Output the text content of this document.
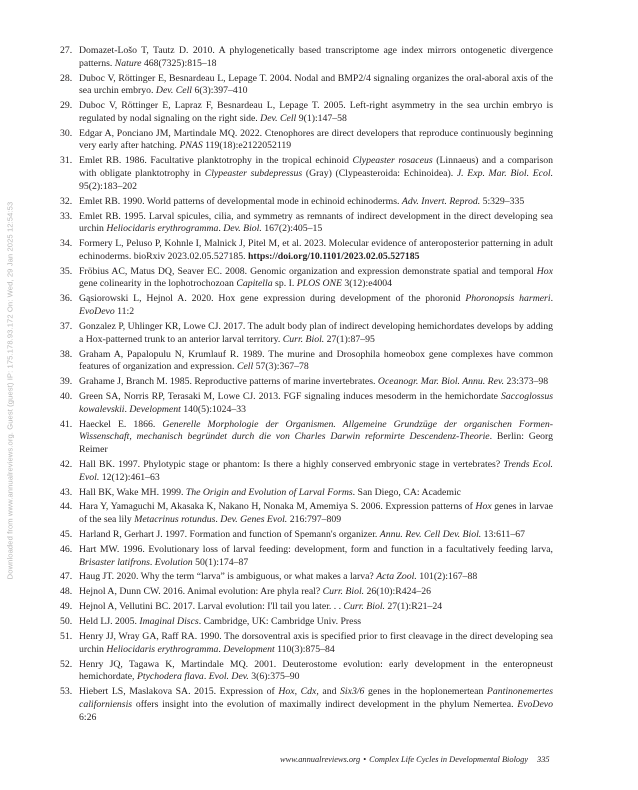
Downloaded from www.annualreviews.org. Guest (guest) IP: 175.178.93.172 On: Wed, 29 Jan 2025 12:54:53
27. Domazet-Lošo T, Tautz D. 2010. A phylogenetically based transcriptome age index mirrors ontogenetic divergence patterns. Nature 468(7325):815–18
28. Duboc V, Röttinger E, Besnardeau L, Lepage T. 2004. Nodal and BMP2/4 signaling organizes the oral-aboral axis of the sea urchin embryo. Dev. Cell 6(3):397–410
29. Duboc V, Röttinger E, Lapraz F, Besnardeau L, Lepage T. 2005. Left-right asymmetry in the sea urchin embryo is regulated by nodal signaling on the right side. Dev. Cell 9(1):147–58
30. Edgar A, Ponciano JM, Martindale MQ. 2022. Ctenophores are direct developers that reproduce continuously beginning very early after hatching. PNAS 119(18):e2122052119
31. Emlet RB. 1986. Facultative planktotrophy in the tropical echinoid Clypeaster rosaceus (Linnaeus) and a comparison with obligate planktotrophy in Clypeaster subdepressus (Gray) (Clypeasteroida: Echinoidea). J. Exp. Mar. Biol. Ecol. 95(2):183–202
32. Emlet RB. 1990. World patterns of developmental mode in echinoid echinoderms. Adv. Invert. Reprod. 5:329–335
33. Emlet RB. 1995. Larval spicules, cilia, and symmetry as remnants of indirect development in the direct developing sea urchin Heliocidaris erythrogramma. Dev. Biol. 167(2):405–15
34. Formery L, Peluso P, Kohnle I, Malnick J, Pitel M, et al. 2023. Molecular evidence of anteroposterior patterning in adult echinoderms. bioRxiv 2023.02.05.527185. https://doi.org/10.1101/2023.02.05.527185
35. Fröbius AC, Matus DQ, Seaver EC. 2008. Genomic organization and expression demonstrate spatial and temporal Hox gene colinearity in the lophotrochozoan Capitella sp. I. PLOS ONE 3(12):e4004
36. Gąsiorowski L, Hejnol A. 2020. Hox gene expression during development of the phoronid Phoronopsis harmeri. EvoDevo 11:2
37. Gonzalez P, Uhlinger KR, Lowe CJ. 2017. The adult body plan of indirect developing hemichordates develops by adding a Hox-patterned trunk to an anterior larval territory. Curr. Biol. 27(1):87–95
38. Graham A, Papalopulu N, Krumlauf R. 1989. The murine and Drosophila homeobox gene complexes have common features of organization and expression. Cell 57(3):367–78
39. Grahame J, Branch M. 1985. Reproductive patterns of marine invertebrates. Oceanogr. Mar. Biol. Annu. Rev. 23:373–98
40. Green SA, Norris RP, Terasaki M, Lowe CJ. 2013. FGF signaling induces mesoderm in the hemichordate Saccoglossus kowalevskii. Development 140(5):1024–33
41. Haeckel E. 1866. Generelle Morphologie der Organismen. Allgemeine Grundzüge der organischen Formen-Wissenschaft, mechanisch begründet durch die von Charles Darwin reformirte Descendenz-Theorie. Berlin: Georg Reimer
42. Hall BK. 1997. Phylotypic stage or phantom: Is there a highly conserved embryonic stage in vertebrates? Trends Ecol. Evol. 12(12):461–63
43. Hall BK, Wake MH. 1999. The Origin and Evolution of Larval Forms. San Diego, CA: Academic
44. Hara Y, Yamaguchi M, Akasaka K, Nakano H, Nonaka M, Amemiya S. 2006. Expression patterns of Hox genes in larvae of the sea lily Metacrinus rotundus. Dev. Genes Evol. 216:797–809
45. Harland R, Gerhart J. 1997. Formation and function of Spemann's organizer. Annu. Rev. Cell Dev. Biol. 13:611–67
46. Hart MW. 1996. Evolutionary loss of larval feeding: development, form and function in a facultatively feeding larva, Brisaster latifrons. Evolution 50(1):174–87
47. Haug JT. 2020. Why the term “larva” is ambiguous, or what makes a larva? Acta Zool. 101(2):167–88
48. Hejnol A, Dunn CW. 2016. Animal evolution: Are phyla real? Curr. Biol. 26(10):R424–26
49. Hejnol A, Vellutini BC. 2017. Larval evolution: I'll tail you later. . . Curr. Biol. 27(1):R21–24
50. Held LJ. 2005. Imaginal Discs. Cambridge, UK: Cambridge Univ. Press
51. Henry JJ, Wray GA, Raff RA. 1990. The dorsoventral axis is specified prior to first cleavage in the direct developing sea urchin Heliocidaris erythrogramma. Development 110(3):875–84
52. Henry JQ, Tagawa K, Martindale MQ. 2001. Deuterostome evolution: early development in the enteropneust hemichordate, Ptychodera flava. Evol. Dev. 3(6):375–90
53. Hiebert LS, Maslakova SA. 2015. Expression of Hox, Cdx, and Six3/6 genes in the hoplonemertean Pantinonemertes californiensis offers insight into the evolution of maximally indirect development in the phylum Nemertea. EvoDevo 6:26
www.annualreviews.org • Complex Life Cycles in Developmental Biology 335
